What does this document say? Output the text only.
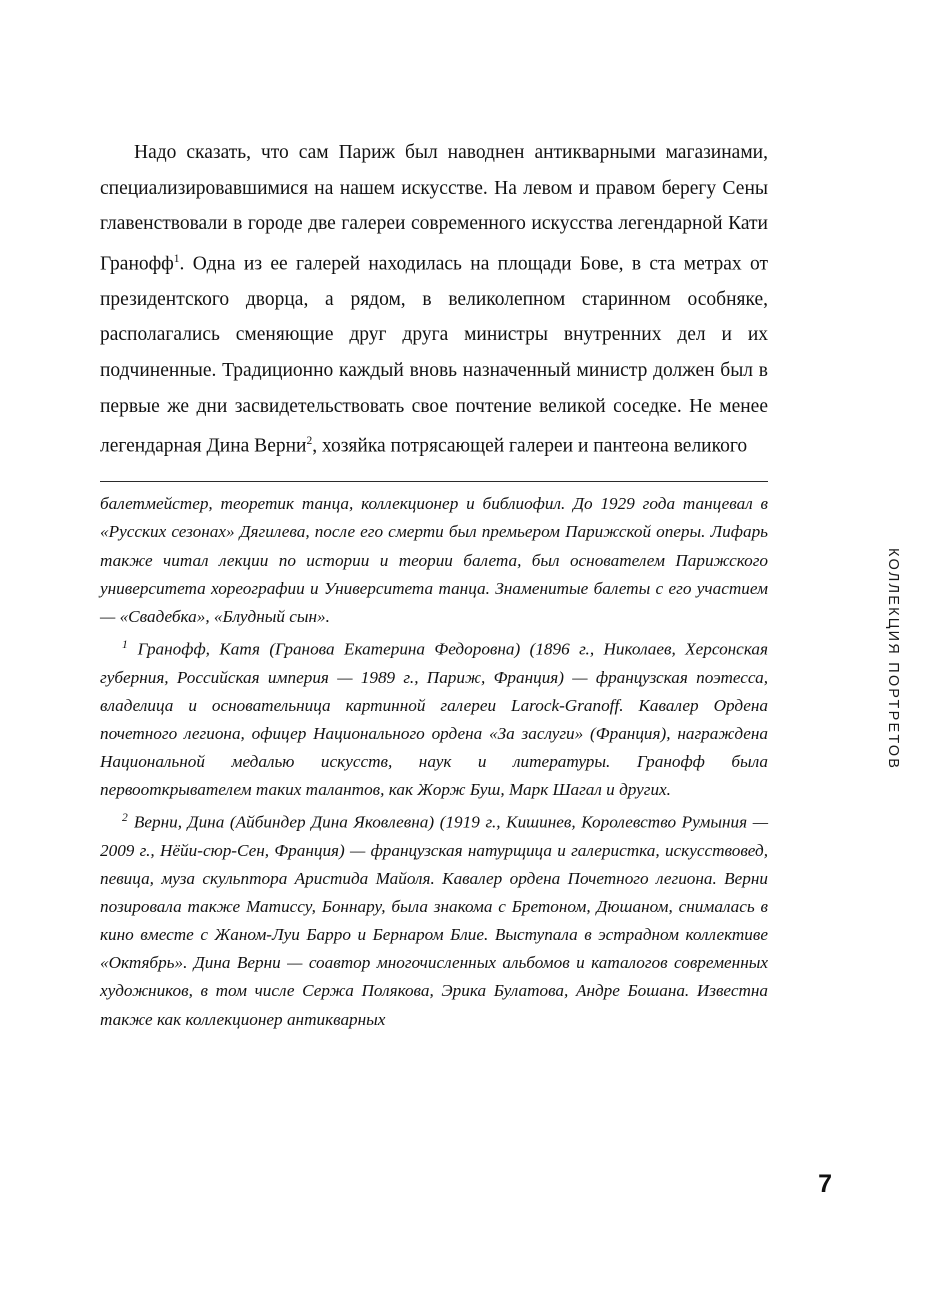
Надо сказать, что сам Париж был наводнен антикварными магазинами, специализировавшимися на нашем искусстве. На левом и правом берегу Сены главенствовали в городе две галереи современного искусства легендарной Кати Гранофф$^1$. Одна из ее галерей находилась на площади Бове, в ста метрах от президентского дворца, а рядом, в великолепном старинном особняке, располагались сменяющие друг друга министры внутренних дел и их подчиненные. Традиционно каждый вновь назначенный министр должен был в первые же дни засвидетельствовать свое почтение великой соседке. Не менее легендарная Дина Верни$^2$, хозяйка потрясающей галереи и пантеона великого

балетмейстер, теоретик танца, коллекционер и библиофил. До 1929 года танцевал в «Русских сезонах» Дягилева, после его смерти был премьером Парижской оперы. Лифарь также читал лекции по истории и теории балета, был основателем Парижского университета хореографии и Университета танца. Знаменитые балеты с его участием — «Свадебка», «Блудный сын».

$^1$ Гранофф, Катя (Гранова Екатерина Федоровна) (1896 г., Николаев, Херсонская губерния, Российская империя — 1989 г., Париж, Франция) — французская поэтесса, владелица и основательница картинной галереи Larock-Granoff. Кавалер Ордена почетного легиона, офицер Национального ордена «За заслуги» (Франция), награждена Национальной медалью искусств, наук и литературы. Гранофф была первооткрывателем таких талантов, как Жорж Буш, Марк Шагал и других.

$^2$ Верни, Дина (Айбиндер Дина Яковлевна) (1919 г., Кишинев, Королевство Румыния — 2009 г., Нёйи-сюр-Сен, Франция) — французская натурщица и галеристка, искусствовед, певица, муза скульптора Аристида Майоля. Кавалер ордена Почетного легиона. Верни позировала также Матиссу, Боннару, была знакома с Бретоном, Дюшаном, снималась в кино вместе с Жаном-Луи Барро и Бернаром Блие. Выступала в эстрадном коллективе «Октябрь». Дина Верни — соавтор многочисленных альбомов и каталогов современных художников, в том числе Сержа Полякова, Эрика Булатова, Андре Бошана. Известна также как коллекционер антикварных

КОЛЛЕКЦИЯ ПОРТРЕТОВ
7
